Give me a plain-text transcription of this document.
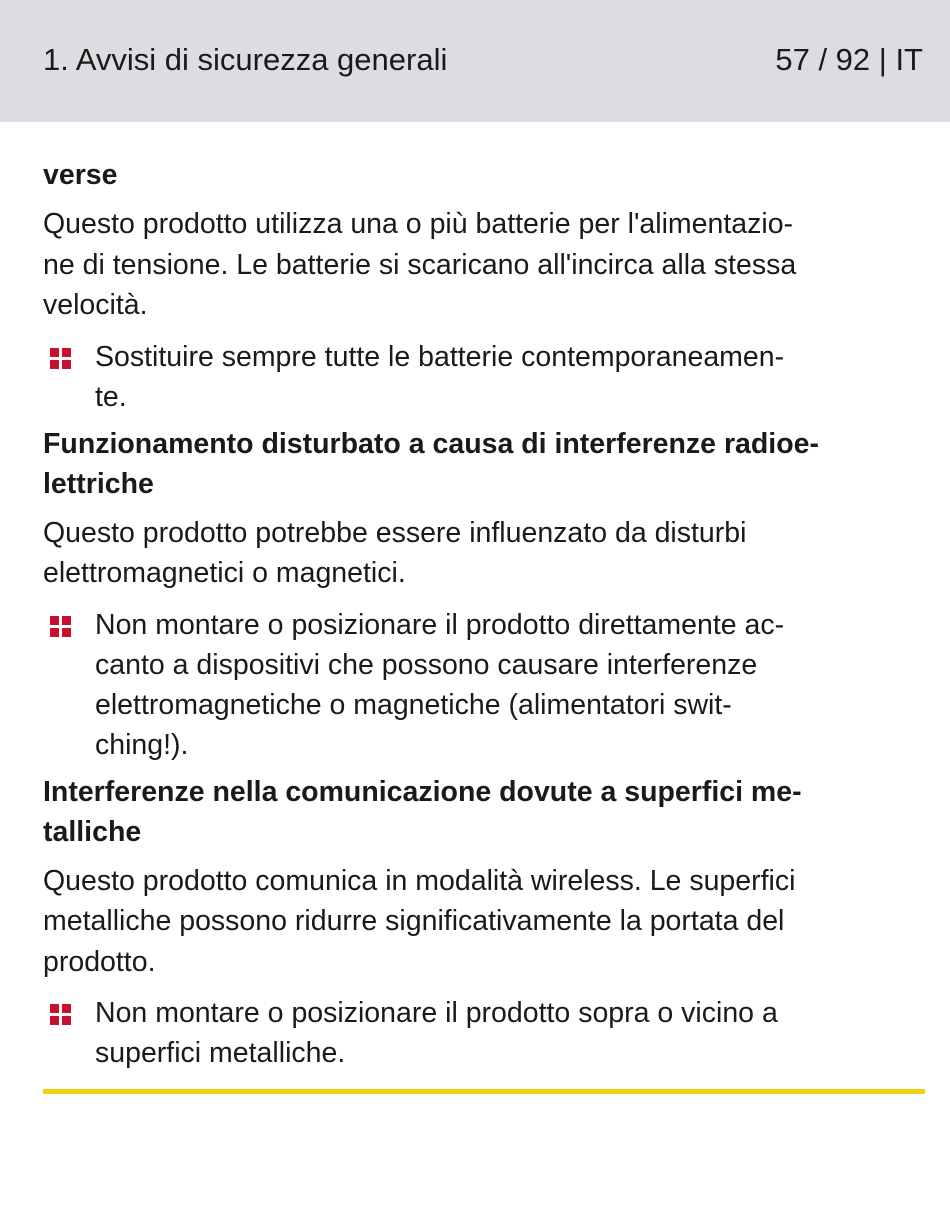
1. Avvisi di sicurezza generali	57 / 92 | IT
verse
Questo prodotto utilizza una o più batterie per l'alimentazio-
ne di tensione. Le batterie si scaricano all'incirca alla stessa
velocità.
Sostituire sempre tutte le batterie contemporaneamen-
te.
Funzionamento disturbato a causa di interferenze radioe-
lettriche
Questo prodotto potrebbe essere influenzato da disturbi
elettromagnetici o magnetici.
Non montare o posizionare il prodotto direttamente ac-
canto a dispositivi che possono causare interferenze
elettromagnetiche o magnetiche (alimentatori swit-
ching!).
Interferenze nella comunicazione dovute a superfici me-
talliche
Questo prodotto comunica in modalità wireless. Le superfici
metalliche possono ridurre significativamente la portata del
prodotto.
Non montare o posizionare il prodotto sopra o vicino a
superfici metalliche.
